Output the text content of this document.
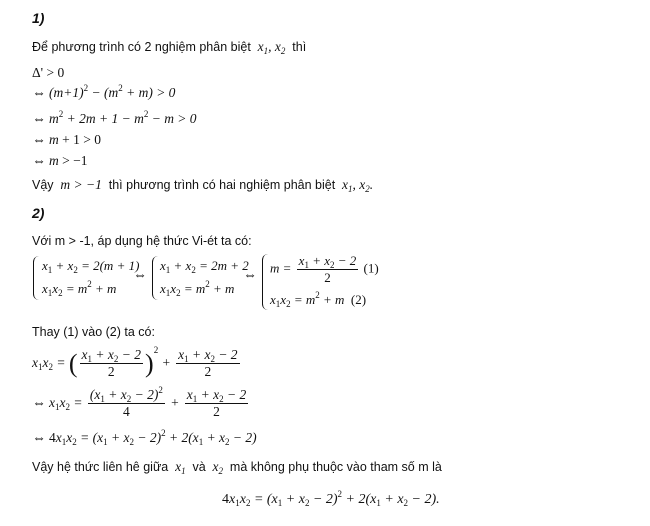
1)
Để phương trình có 2 nghiệm phân biệt  $x_1$, $x_2$ thì
Δ' > 0
⇔ $(m+1)^2 - (m^2 + m) > 0$
⇔ $m^2 + 2m + 1 - m^2 - m > 0$
⇔ m + 1 > 0
⇔ m > −1
Vậy  m > −1  thì phương trình có hai nghiệm phân biệt  $x_1$, $x_2$.
2)
Với m > -1, áp dụng hệ thức Vi-ét ta có:
$x_1 + x_2 = 2(m + 1)$
$x_1x_2 = m^2 + m$
⇔
$x_1 + x_2 = 2m + 2$
$x_1x_2 = m^2 + m$
⇔
$m = \frac{x_1 + x_2 - 2}{2} (1)$
$x_1x_2 = m^2 + m$  (2)
Thay (1) vào (2) ta có:
$x_1x_2$ = ( $\frac{x_1 + x_2 - 2}{2} )^2 + \frac{x_1 + x_2 - 2}{2}$
⇔ $x_1x_2 = \frac{(x_1 + x_2 - 2)^2}{4} + \frac{x_1 + x_2 - 2}{2}$
⇔ $4x_1x_2 = (x_1 + x_2 - 2)^2 + 2(x_1 + x_2 - 2)$
Vậy hệ thức liên hê giữa  $x_1$ và  $x_2$ mà không phụ thuộc vào tham số m là
$4x_1x_2 = (x_1 + x_2 - 2)^2 + 2(x_1 + x_2 - 2)$.
